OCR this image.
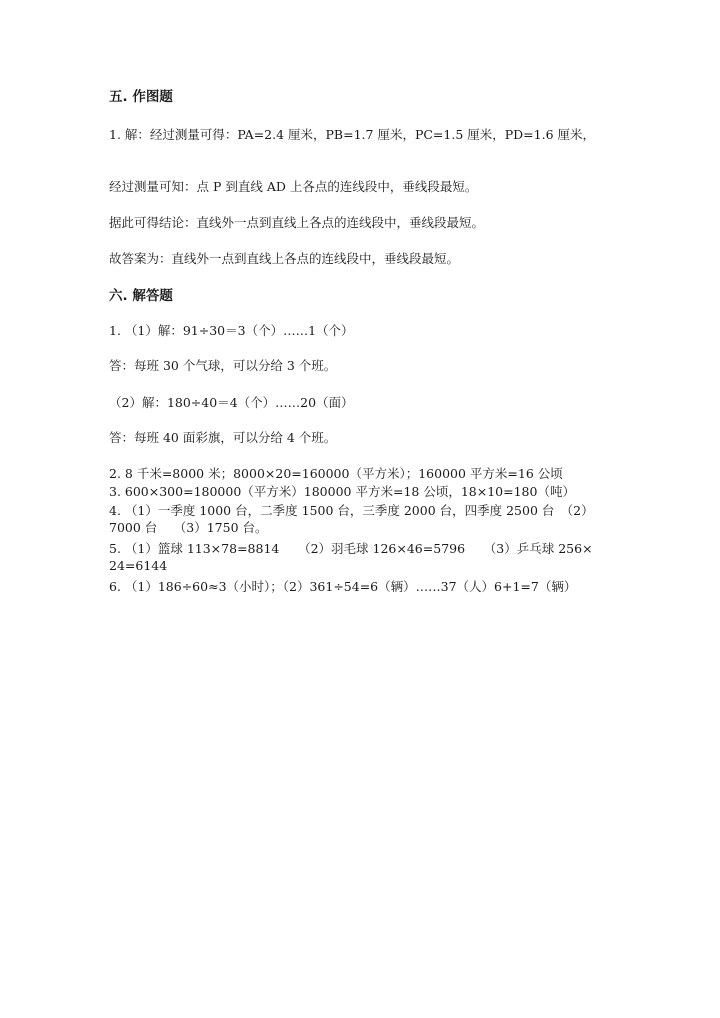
五. 作图题
1. 解：经过测量可得：PA=2.4 厘米，PB=1.7 厘米，PC=1.5 厘米，PD=1.6 厘米，
经过测量可知：点 P 到直线 AD 上各点的连线段中，垂线段最短。
据此可得结论：直线外一点到直线上各点的连线段中，垂线段最短。
故答案为：直线外一点到直线上各点的连线段中，垂线段最短。
六. 解答题
1. （1）解：91÷30＝3（个）……1（个）
答：每班 30 个气球，可以分给 3 个班。
（2）解：180÷40＝4（个）……20（面）
答：每班 40 面彩旗，可以分给 4 个班。
2. 8 千米=8000 米；8000×20=160000（平方米）；160000 平方米=16 公顷
3. 600×300=180000（平方米）180000 平方米=18 公顷，18×10=180（吨）
4. （1）一季度 1000 台，二季度 1500 台，三季度 2000 台，四季度 2500 台　（2）7000 台　 （3）1750 台。
5. （1）篮球 113×78=8814　　（2）羽毛球 126×46=5796　　（3）乒乓球 256×24=6144
6. （1）186÷60≈3（小时）；（2）361÷54=6（辆）……37（人）6+1=7（辆）
